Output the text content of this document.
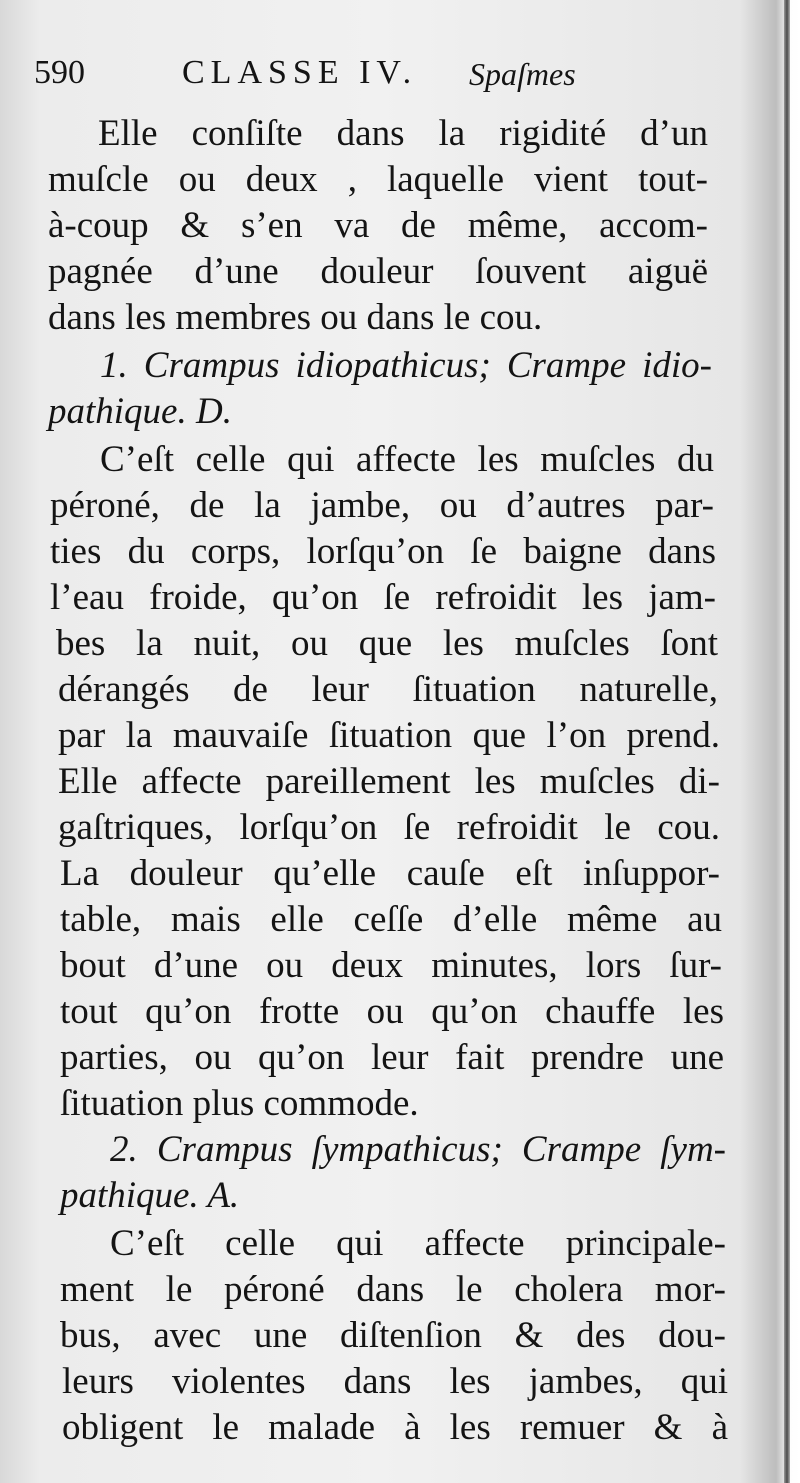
590	CLASSE IV. Spaſmes
Elle conſiſte dans la rigidité d’un
muſcle ou deux , laquelle vient tout-
à-coup & s’en va de même, accom-
pagnée d’une douleur ſouvent aiguë
dans les membres ou dans le cou.
1. Crampus idiopathicus; Crampe idio-
pathique. D.
C’eſt celle qui affecte les muſcles du
péroné, de la jambe, ou d’autres par-
ties du corps, lorſqu’on ſe baigne dans
l’eau froide, qu’on ſe refroidit les jam-
bes la nuit, ou que les muſcles ſont
dérangés de leur ſituation naturelle,
par la mauvaiſe ſituation que l’on prend.
Elle affecte pareillement les muſcles di-
gaſtriques, lorſqu’on ſe refroidit le cou.
La douleur qu’elle cauſe eſt inſuppor-
table, mais elle ceſſe d’elle même au
bout d’une ou deux minutes, lors ſur-
tout qu’on frotte ou qu’on chauffe les
parties, ou qu’on leur fait prendre une
ſituation plus commode.
2. Crampus ſympathicus; Crampe ſym-
pathique. A.
C’eſt celle qui affecte principale-
ment le péroné dans le cholera mor-
bus, avec une diſtenſion & des dou-
leurs violentes dans les jambes, qui
obligent le malade à les remuer & à
